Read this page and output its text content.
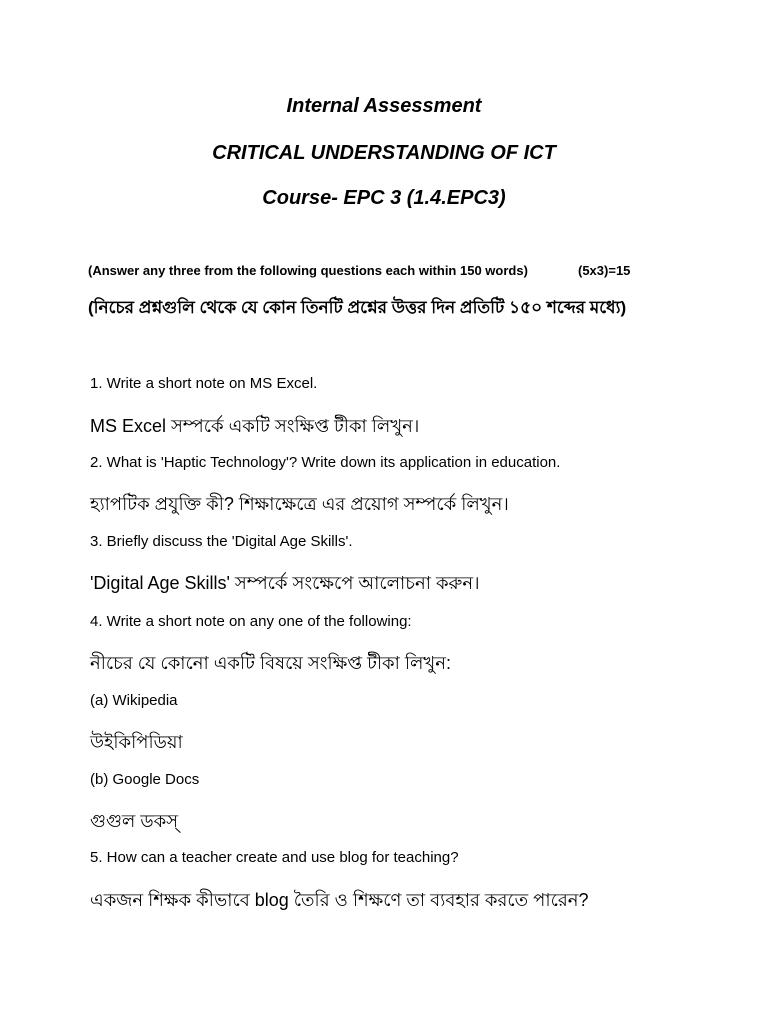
Internal Assessment
CRITICAL UNDERSTANDING OF ICT
Course- EPC 3 (1.4.EPC3)
(Answer any three from the following questions each within 150 words)	(5x3)=15
(নিচের প্রশ্নগুলি থেকে যে কোন তিনটি প্রশ্নের উত্তর দিন প্রতিটি ১৫০ শব্দের মধ্যে)
1. Write a short note on MS Excel.
MS Excel সম্পর্কে একটি সংক্ষিপ্ত টীকা লিখুন।
2. What is 'Haptic Technology'? Write down its application in education.
হ্যাপটিক প্রযুক্তি কী? শিক্ষাক্ষেত্রে এর প্রয়োগ সম্পর্কে লিখুন।
3. Briefly discuss the 'Digital Age Skills'.
'Digital Age Skills' সম্পর্কে সংক্ষেপে আলোচনা করুন।
4. Write a short note on any one of the following:
নীচের যে কোনো একটি বিষয়ে সংক্ষিপ্ত টীকা লিখুন:
(a) Wikipedia
উইকিপিডিয়া
(b) Google Docs
গুগুল ডকস্
5. How can a teacher create and use blog for teaching?
একজন শিক্ষক কীভাবে blog তৈরি ও শিক্ষণে তা ব্যবহার করতে পারেন?
